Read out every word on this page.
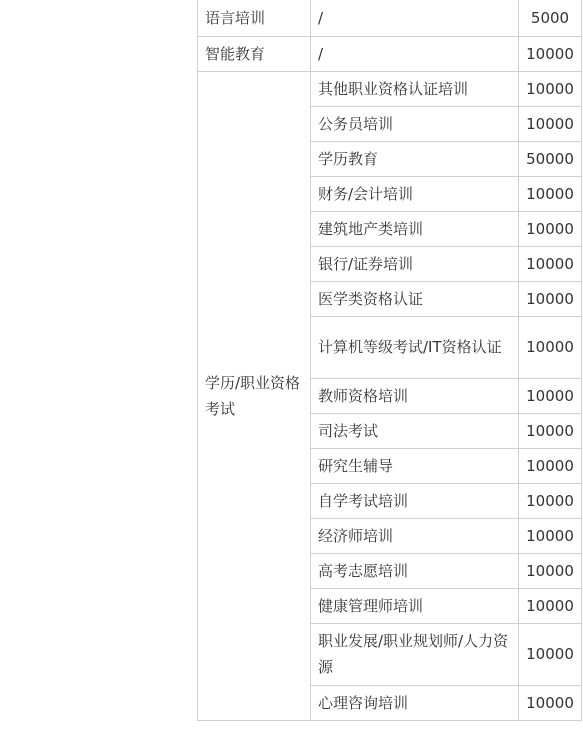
语言培训	/	5000
智能教育	/	10000
学历/职业资格考试	其他职业资格认证培训	10000
	公务员培训	10000
	学历教育	50000
	财务/会计培训	10000
	建筑地产类培训	10000
	银行/证券培训	10000
	医学类资格认证	10000
	计算机等级考试/IT资格认证	10000
	教师资格培训	10000
	司法考试	10000
	研究生辅导	10000
	自学考试培训	10000
	经济师培训	10000
	高考志愿培训	10000
	健康管理师培训	10000
	职业发展/职业规划师/人力资源	10000
	心理咨询培训	10000
